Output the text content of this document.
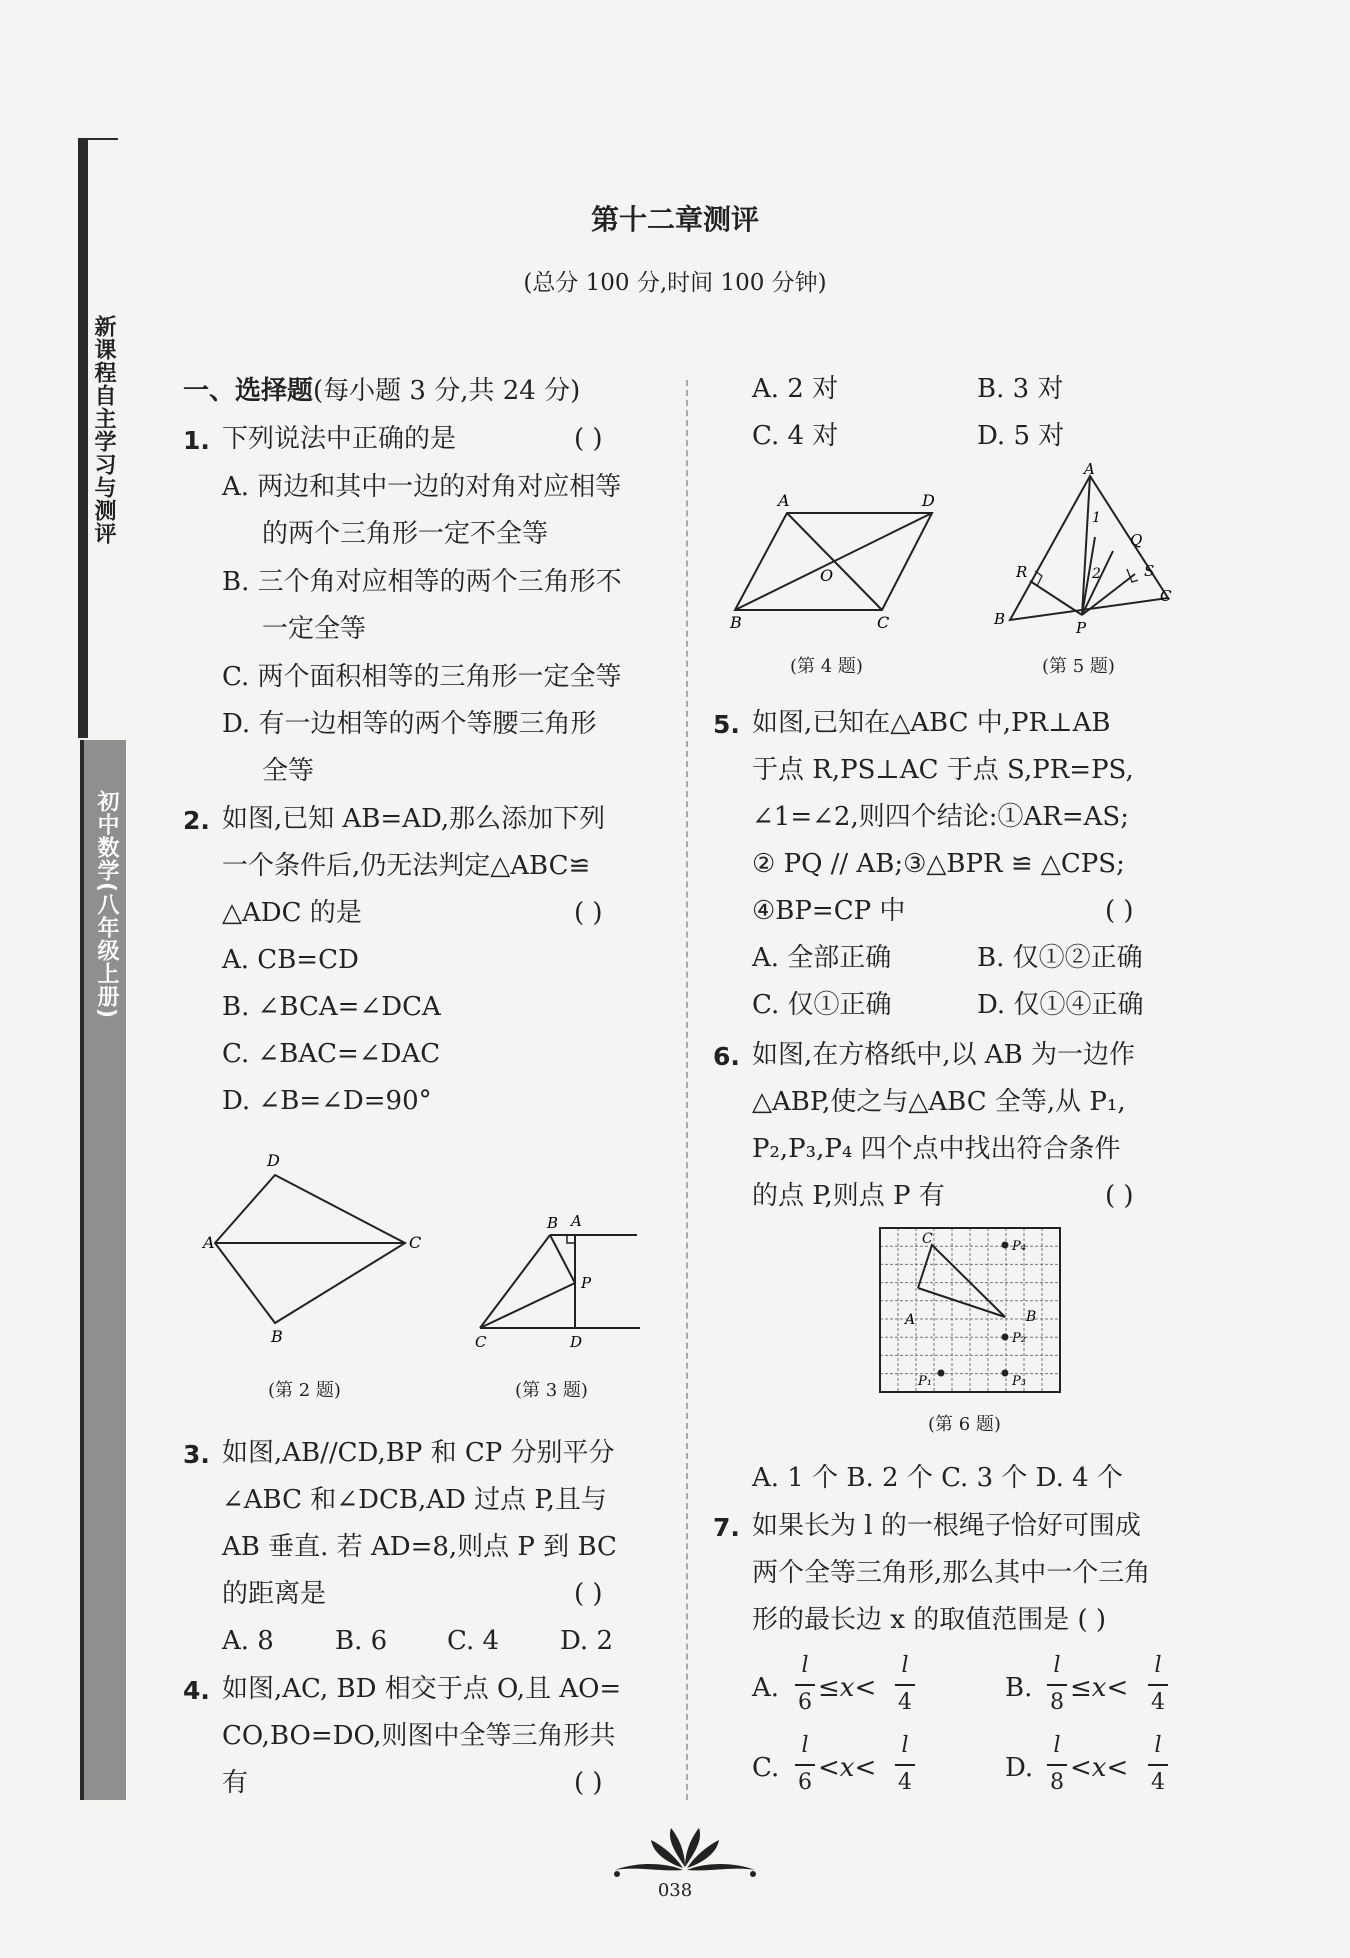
新课程自主学习与测评
初中数学(八年级上册)
第十二章测评
(总分 100 分,时间 100 分钟)
一、选择题(每小题 3 分,共 24 分)
1. 下列说法中正确的是	( )
A. 两边和其中一边的对角对应相等
的两个三角形一定不全等
B. 三个角对应相等的两个三角形不
一定全等
C. 两个面积相等的三角形一定全等
D. 有一边相等的两个等腰三角形
全等
2. 如图,已知 AB=AD,那么添加下列
一个条件后,仍无法判定△ABC≌
△ADC 的是	( )
A. CB=CD
B. ∠BCA=∠DCA
C. ∠BAC=∠DAC
D. ∠B=∠D=90°
D
A	C
B
(第 2 题)
B A
P
C	D
(第 3 题)
3. 如图,AB//CD,BP 和 CP 分别平分
∠ABC 和∠DCB,AD 过点 P,且与
AB 垂直. 若 AD=8,则点 P 到 BC
的距离是	( )
A. 8 B. 6 C. 4 D. 2
4. 如图,AC, BD 相交于点 O,且 AO=
CO,BO=DO,则图中全等三角形共
有	( )
A. 2 对	B. 3 对
C. 4 对	D. 5 对
A	D
O
B	C
(第 4 题)
A
1
2
Q
R	S
C
B	P
(第 5 题)
5. 如图,已知在△ABC 中,PR⊥AB
于点 R,PS⊥AC 于点 S,PR=PS,
∠1=∠2,则四个结论:①AR=AS;
② PQ // AB;③△BPR ≌ △CPS;
④BP=CP 中	( )
A. 全部正确	B. 仅①②正确
C. 仅①正确	D. 仅①④正确
6. 如图,在方格纸中,以 AB 为一边作
△ABP,使之与△ABC 全等,从 P₁,
P₂,P₃,P₄ 四个点中找出符合条件
的点 P,则点 P 有	( )
C
A	B
P₄
P₂
P₃
P₁
(第 6 题)
A. 1 个 B. 2 个 C. 3 个 D. 4 个
7. 如果长为 l 的一根绳子恰好可围成
两个全等三角形,那么其中一个三角
形的最长边 x 的取值范围是 ( )
A.
l
6 ≤x<
l
4	B.
l
8 ≤x<
l
4
C.
l
6 <x<
l
4	D.
l
8 <x<
l
4
038
